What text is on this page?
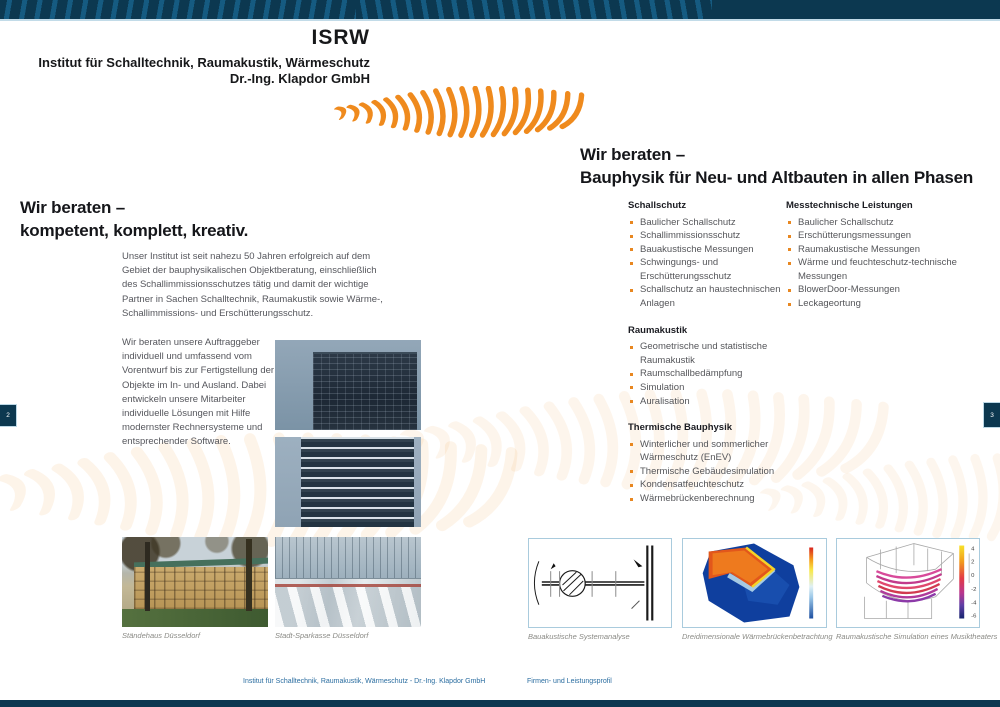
ISRW
Institut für Schalltechnik, Raumakustik, Wärmeschutz
Dr.-Ing. Klapdor GmbH
Wir beraten –
kompetent, komplett, kreativ.
Unser Institut ist seit nahezu 50 Jahren erfolgreich auf dem Gebiet der bauphysikalischen Objektberatung, einschließlich des Schallimmissionsschutzes tätig und damit der wichtige Partner in Sachen Schalltechnik, Raumakustik sowie Wärme-, Schallimmissions- und Erschütterungsschutz.
Wir beraten unsere Auftraggeber individuell und umfassend vom Vorentwurf bis zur Fertigstellung der Objekte im In- und Ausland. Dabei entwickeln unsere Mitarbeiter individuelle Lösungen mit Hilfe modernster Rechnersysteme und entsprechender Software.
Ständehaus Düsseldorf	Stadt-Sparkasse Düsseldorf
Wir beraten –
Bauphysik für Neu- und Altbauten in allen Phasen
Schallschutz
Baulicher Schallschutz
Schallimmissionsschutz
Bauakustische Messungen
Schwingungs- und Erschütterungsschutz
Schallschutz an haustechnischen Anlagen
Raumakustik
Geometrische und statistische Raumakustik
Raumschallbedämpfung
Simulation
Auralisation
Thermische Bauphysik
Winterlicher und sommerlicher Wärmeschutz (EnEV)
Thermische Gebäudesimulation
Kondensatfeuchteschutz
Wärmebrückenberechnung
Messtechnische Leistungen
Baulicher Schallschutz
Erschütterungsmessungen
Raumakustische Messungen
Wärme und feuchteschutz-technische Messungen
BlowerDoor-Messungen
Leckageortung
4
2
0
-2
-4
-6
Bauakustische Systemanalyse	Dreidimensionale Wärmebrückenbetrachtung Raumakustische Simulation eines Musiktheaters
Institut für Schalltechnik, Raumakustik, Wärmeschutz - Dr.-Ing. Klapdor GmbH	Firmen- und Leistungsprofil
2	3
